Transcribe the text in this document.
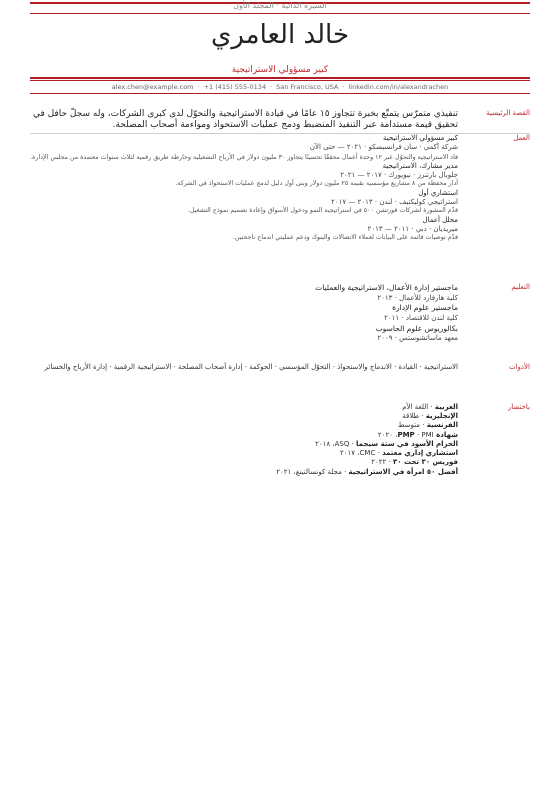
السيرة الذاتية · المجلد الأول
خالد العامري
كبير مسؤولي الاستراتيجية
alex.chen@example.com · +1 (415) 555-0134 · San Francisco, USA · linkedin.com/in/alexandrachen
القصة الرئيسية
تنفيذي متمرّس يتمتّع بخبرة تتجاوز ١٥ عامًا في قيادة الاستراتيجية والتحوّل لدى كبرى الشركات، وله سجلّ حافل في تحقيق قيمة مستدامة عبر التنفيذ المنضبط ودمج عمليات الاستحواذ ومواءمة أصحاب المصلحة.
العمل
كبير مسؤولي الاستراتيجية
شركة آكمي · سان فرانسيسكو · ٢٠٢١ — حتى الآن
قاد الاستراتيجية والتحوّل عبر ١٢ وحدة أعمال محققًا تحسينًا يتجاوز ٣٠ مليون دولار في الأرباح التشغيلية وخارطة طريق رقمية لثلاث سنوات معتمدة من مجلس الإدارة.
مدير مشارك، الاستراتيجية
جلوبال بارتنرز · نيويورك · ٢٠١٧ — ٢٠٢١
أدار محفظة من ٨ مشاريع مؤسسية بقيمة ٢٥ مليون دولار وبنى أول دليل لدمج عمليات الاستحواذ في الشركة.
استشاري أول
استراتيجي كوليكتيف · لندن · ٢٠١٣ — ٢٠١٧
قدّم المشورة لشركات فورتشن ٥٠٠ في استراتيجية النمو ودخول الأسواق وإعادة تصميم نموذج التشغيل.
محلل أعمال
ميريديان · دبي · ٢٠١١ — ٢٠١٣
قدّم توصيات قائمة على البيانات لعملاء الاتصالات والبنوك ودعم عمليتي اندماج ناجحتين.
التعليم
ماجستير إدارة الأعمال، الاستراتيجية والعمليات
كلية هارفارد للأعمال · ٢٠١٣
ماجستير علوم الإدارة
كلية لندن للاقتصاد · ٢٠١١
بكالوريوس علوم الحاسوب
معهد ماساتشوستس · ٢٠٠٩
الأدوات
الاستراتيجية · القيادة · الاندماج والاستحواذ · التحوّل المؤسسي · الحوكمة · إدارة أصحاب المصلحة · الاستراتيجية الرقمية · إدارة الأرباح والخسائر
باختصار
العربية · اللغة الأم
الإنجليزية · طلاقة
الفرنسية · متوسط
شهادة PMP · PMI، ٢٠٢٠
الحزام الأسود في ستة سيجما · ASQ، ٢٠١٨
استشاري إداري معتمد · CMC، ٢٠١٧
فوربس ٣٠ تحت ٣٠ · ٢٠٢٢
أفضل ٥٠ امرأة في الاستراتيجية · مجلة كونسالتينغ، ٢٠٢١
